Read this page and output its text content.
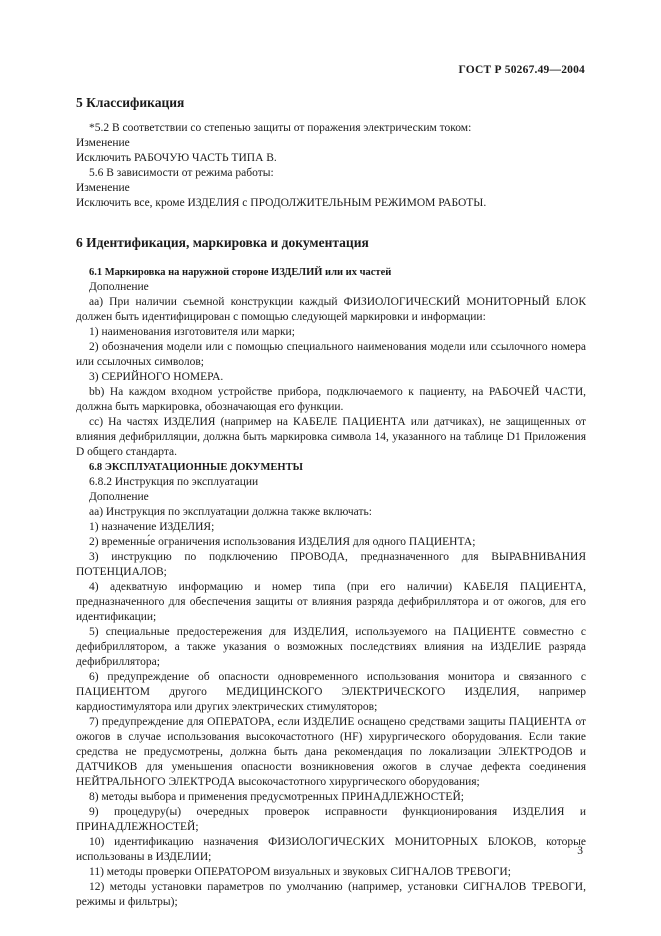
ГОСТ Р 50267.49—2004
5 Классификация

*5.2 В соответствии со степенью защиты от поражения электрическим током:

Изменение

Исключить РАБОЧУЮ ЧАСТЬ ТИПА В.

5.6 В зависимости от режима работы:

Изменение

Исключить все, кроме ИЗДЕЛИЯ с ПРОДОЛЖИТЕЛЬНЫМ РЕЖИМОМ РАБОТЫ.

6 Идентификация, маркировка и документация

6.1 Маркировка на наружной стороне ИЗДЕЛИЙ или их частей

Дополнение

аа) При наличии съемной конструкции каждый ФИЗИОЛОГИЧЕСКИЙ МОНИТОРНЫЙ БЛОК должен быть идентифицирован с помощью следующей маркировки и информации:

1) наименования изготовителя или марки;

2) обозначения модели или с помощью специального наименования модели или ссылочного номера или ссылочных символов;

3) СЕРИЙНОГО НОМЕРА.

bb) На каждом входном устройстве прибора, подключаемого к пациенту, на РАБОЧЕЙ ЧАСТИ, должна быть маркировка, обозначающая его функции.

сс) На частях ИЗДЕЛИЯ (например на КАБЕЛЕ ПАЦИЕНТА или датчиках), не защищенных от влияния дефибрилляции, должна быть маркировка символа 14, указанного на таблице D1 Приложения D общего стандарта.

6.8 ЭКСПЛУАТАЦИОННЫЕ ДОКУМЕНТЫ

6.8.2 Инструкция по эксплуатации

Дополнение

аа) Инструкция по эксплуатации должна также включать:

1) назначение ИЗДЕЛИЯ;

2) временны́е ограничения использования ИЗДЕЛИЯ для одного ПАЦИЕНТА;

3) инструкцию по подключению ПРОВОДА, предназначенного для ВЫРАВНИВАНИЯ ПОТЕНЦИАЛОВ;

4) адекватную информацию и номер типа (при его наличии) КАБЕЛЯ ПАЦИЕНТА, предназначенного для обеспечения защиты от влияния разряда дефибриллятора и от ожогов, для его идентификации;

5) специальные предостережения для ИЗДЕЛИЯ, используемого на ПАЦИЕНТЕ совместно с дефибриллятором, а также указания о возможных последствиях влияния на ИЗДЕЛИЕ разряда дефибриллятора;

6) предупреждение об опасности одновременного использования монитора и связанного с ПАЦИЕНТОМ другого МЕДИЦИНСКОГО ЭЛЕКТРИЧЕСКОГО ИЗДЕЛИЯ, например кардиостимулятора или других электрических стимуляторов;

7) предупреждение для ОПЕРАТОРА, если ИЗДЕЛИЕ оснащено средствами защиты ПАЦИЕНТА от ожогов в случае использования высокочастотного (HF) хирургического оборудования. Если такие средства не предусмотрены, должна быть дана рекомендация по локализации ЭЛЕКТРОДОВ и ДАТЧИКОВ для уменьшения опасности возникновения ожогов в случае дефекта соединения НЕЙТРАЛЬНОГО ЭЛЕКТРОДА высокочастотного хирургического оборудования;

8) методы выбора и применения предусмотренных ПРИНАДЛЕЖНОСТЕЙ;

9) процедуру(ы) очередных проверок исправности функционирования ИЗДЕЛИЯ и ПРИНАДЛЕЖНОСТЕЙ;

10) идентификацию назначения ФИЗИОЛОГИЧЕСКИХ МОНИТОРНЫХ БЛОКОВ, которые использованы в ИЗДЕЛИИ;

11) методы проверки ОПЕРАТОРОМ визуальных и звуковых СИГНАЛОВ ТРЕВОГИ;

12) методы установки параметров по умолчанию (например, установки СИГНАЛОВ ТРЕВОГИ, режимы и фильтры);

3
